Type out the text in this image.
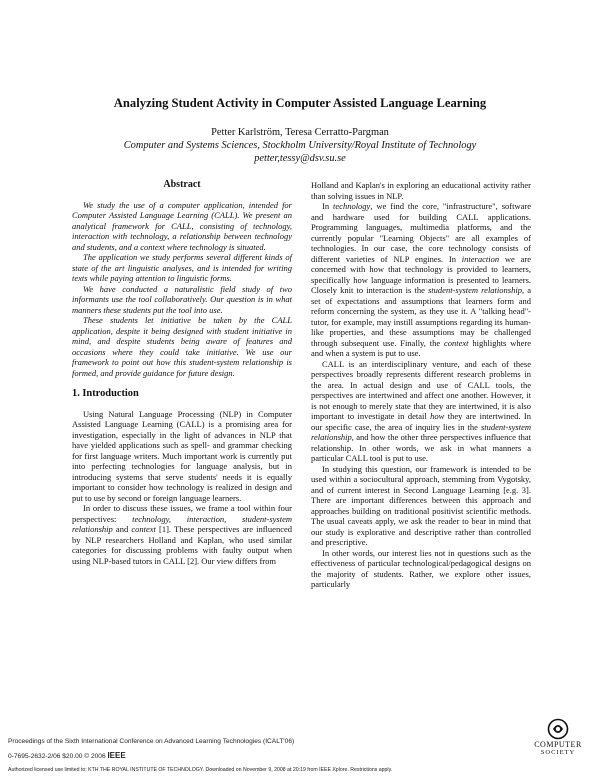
Analyzing Student Activity in Computer Assisted Language Learning
Petter Karlström, Teresa Cerratto-Pargman
Computer and Systems Sciences, Stockholm University/Royal Institute of Technology
petter,tessy@dsv.su.se
Abstract

We study the use of a computer application, intended for Computer Assisted Language Learning (CALL). We present an analytical framework for CALL, consisting of technology, interaction with technology, a relationship between technology and students, and a context where technology is situated.

The application we study performs several different kinds of state of the art linguistic analyses, and is intended for writing texts while paying attention to linguistic forms.

We have conducted a naturalistic field study of two informants use the tool collaboratively. Our question is in what manners these students put the tool into use.

These students let initiative be taken by the CALL application, despite it being designed with student initiative in mind, and despite students being aware of features and occasions where they could take initiative. We use our framework to point out how this student-system relationship is formed, and provide guidance for future design.

1. Introduction

Using Natural Language Processing (NLP) in Computer Assisted Language Learning (CALL) is a promising area for investigation, especially in the light of advances in NLP that have yielded applications such as spell- and grammar checking for first language writers. Much important work is currently put into perfecting technologies for language analysis, but in introducing systems that serve students' needs it is equally important to consider how technology is realized in design and put to use by second or foreign language learners.

In order to discuss these issues, we frame a tool within four perspectives: technology, interaction, student-system relationship and context [1]. These perspectives are influenced by NLP researchers Holland and Kaplan, who used similar categories for discussing problems with faulty output when using NLP-based tutors in CALL [2]. Our view differs from

Holland and Kaplan's in exploring an educational activity rather than solving issues in NLP.

In technology, we find the core, "infrastructure", software and hardware used for building CALL applications. Programming languages, multimedia platforms, and the currently popular "Learning Objects" are all examples of technologies. In our case, the core technology consists of different varieties of NLP engines. In interaction we are concerned with how that technology is provided to learners, specifically how language information is presented to learners. Closely knit to interaction is the student-system relationship, a set of expectations and assumptions that learners form and reform concerning the system, as they use it. A "talking head"-tutor, for example, may instill assumptions regarding its human-like properties, and these assumptions may be challenged through subsequent use. Finally, the context highlights where and when a system is put to use.

CALL is an interdisciplinary venture, and each of these perspectives broadly represents different research problems in the area. In actual design and use of CALL tools, the perspectives are intertwined and affect one another. However, it is not enough to merely state that they are intertwined, it is also important to investigate in detail how they are intertwined. In our specific case, the area of inquiry lies in the student-system relationship, and how the other three perspectives influence that relationship. In other words, we ask in what manners a particular CALL tool is put to use.

In studying this question, our framework is intended to be used within a sociocultural approach, stemming from Vygotsky, and of current interest in Second Language Learning [e.g. 3]. There are important differences between this approach and approaches building on traditional positivist scientific methods. The usual caveats apply, we ask the reader to bear in mind that our study is explorative and descriptive rather than controlled and prescriptive.

In other words, our interest lies not in questions such as the effectiveness of particular technological/pedagogical designs on the majority of students. Rather, we explore other issues, particularly

Proceedings of the Sixth International Conference on Advanced Learning Technologies (ICALT'06)
0-7695-2632-2/06 $20.00 © 2006 IEEE
Authorized licensed use limited to: KTH THE ROYAL INSTITUTE OF TECHNOLOGY. Downloaded on November 9, 2008 at 20:19 from IEEE Xplore. Restrictions apply.
COMPUTER
SOCIETY
